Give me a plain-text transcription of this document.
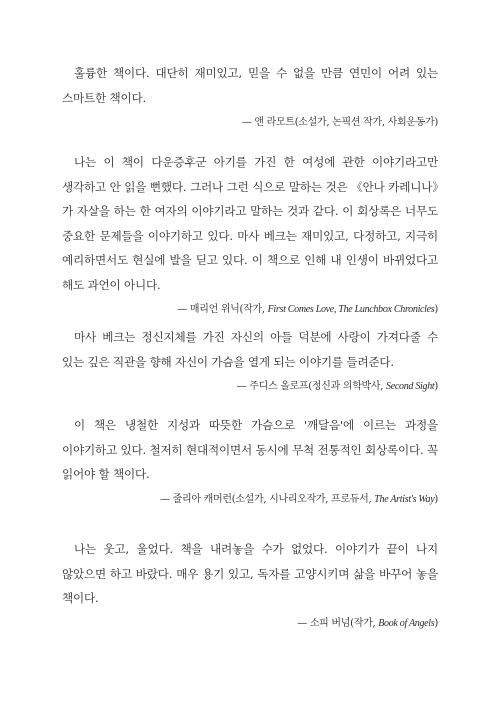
훌륭한 책이다. 대단히 재미있고, 믿을 수 없을 만큼 연민이 어려 있는 스마트한 책이다.

— 앤 라모트(소설가, 논픽션 작가, 사회운동가)

나는 이 책이 다운증후군 아기를 가진 한 여성에 관한 이야기라고만 생각하고 안 읽을 뻔했다. 그러나 그런 식으로 말하는 것은 《안나 카레니나》가 자살을 하는 한 여자의 이야기라고 말하는 것과 같다. 이 회상록은 너무도 중요한 문제들을 이야기하고 있다. 마사 베크는 재미있고, 다정하고, 지극히 예리하면서도 현실에 발을 딛고 있다. 이 책으로 인해 내 인생이 바뀌었다고 해도 과언이 아니다.

— 매리언 위닉(작가, First Comes Love, The Lunchbox Chronicles)

마사 베크는 정신지체를 가진 자신의 아들 덕분에 사랑이 가져다줄 수 있는 깊은 직관을 향해 자신이 가슴을 열게 되는 이야기를 들려준다.

— 주디스 올로프(정신과 의학박사, Second Sight)

이 책은 냉철한 지성과 따뜻한 가슴으로 '깨달음'에 이르는 과정을 이야기하고 있다. 철저히 현대적이면서 동시에 무척 전통적인 회상록이다. 꼭 읽어야 할 책이다.

— 줄리아 캐머런(소설가, 시나리오작가, 프로듀서, The Artist's Way)

나는 웃고, 울었다. 책을 내려놓을 수가 없었다. 이야기가 끝이 나지 않았으면 하고 바랐다. 매우 용기 있고, 독자를 고양시키며 삶을 바꾸어 놓을 책이다.

— 소피 버넘(작가, Book of Angels)
